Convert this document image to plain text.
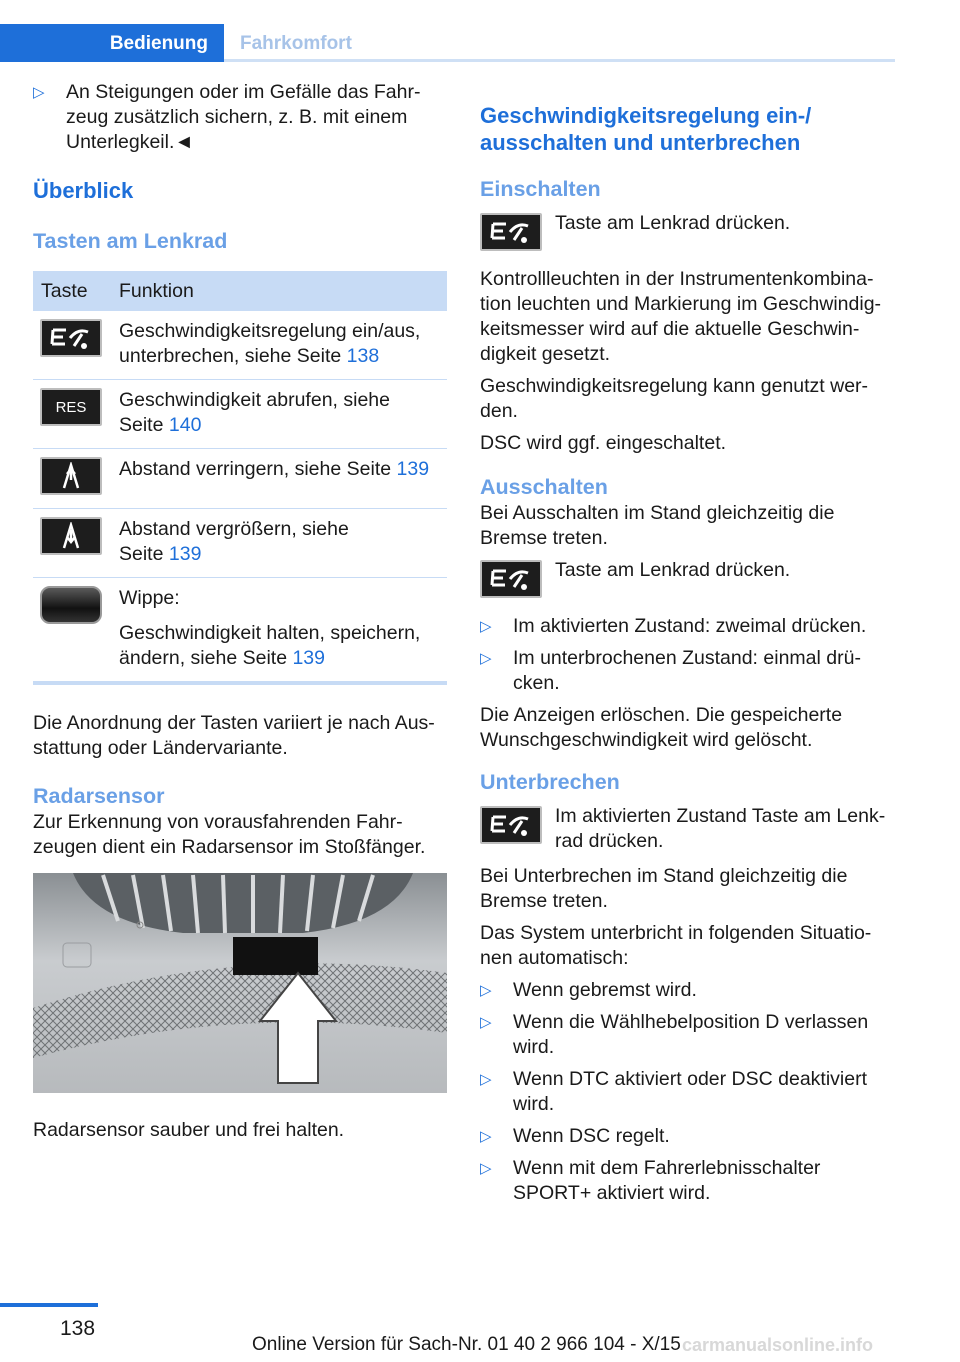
Bedienung	Fahrkomfort
▷ An Steigungen oder im Gefälle das Fahr-
zeug zusätzlich sichern, z. B. mit einem
Unterlegkeil.◄
Überblick
Tasten am Lenkrad
Taste	Funktion

Geschwindigkeitsregelung ein/aus,
unterbrechen, siehe Seite 138

RES	Geschwindigkeit abrufen, siehe
Seite 140

Abstand verringern, siehe Seite 139

Abstand vergrößern, siehe
Seite 139

	Wippe:
Geschwindigkeit halten, speichern,
ändern, siehe Seite 139
Die Anordnung der Tasten variiert je nach Aus-
stattung oder Ländervariante.
Radarsensor
Zur Erkennung von vorausfahrenden Fahr-
zeugen dient ein Radarsensor im Stoßfänger.
Radarsensor sauber und frei halten.
Geschwindigkeitsregelung ein-/
ausschalten und unterbrechen
Einschalten
Taste am Lenkrad drücken.
Kontrollleuchten in der Instrumentenkombina-
tion leuchten und Markierung im Geschwindig-
keitsmesser wird auf die aktuelle Geschwin-
digkeit gesetzt.
Geschwindigkeitsregelung kann genutzt wer-
den.
DSC wird ggf. eingeschaltet.
Ausschalten
Bei Ausschalten im Stand gleichzeitig die
Bremse treten.
Taste am Lenkrad drücken.
▷ Im aktivierten Zustand: zweimal drücken.
▷ Im unterbrochenen Zustand: einmal drü-
cken.
Die Anzeigen erlöschen. Die gespeicherte
Wunschgeschwindigkeit wird gelöscht.
Unterbrechen
Im aktivierten Zustand Taste am Lenk-
rad drücken.
Bei Unterbrechen im Stand gleichzeitig die
Bremse treten.
Das System unterbricht in folgenden Situatio-
nen automatisch:
▷ Wenn gebremst wird.
▷ Wenn die Wählhebelposition D verlassen
wird.
▷ Wenn DTC aktiviert oder DSC deaktiviert
wird.
▷ Wenn DSC regelt.
▷ Wenn mit dem Fahrerlebnisschalter
SPORT+ aktiviert wird.
138
Online Version für Sach-Nr. 01 40 2 966 104 - X/15 carmanualsonline.info
